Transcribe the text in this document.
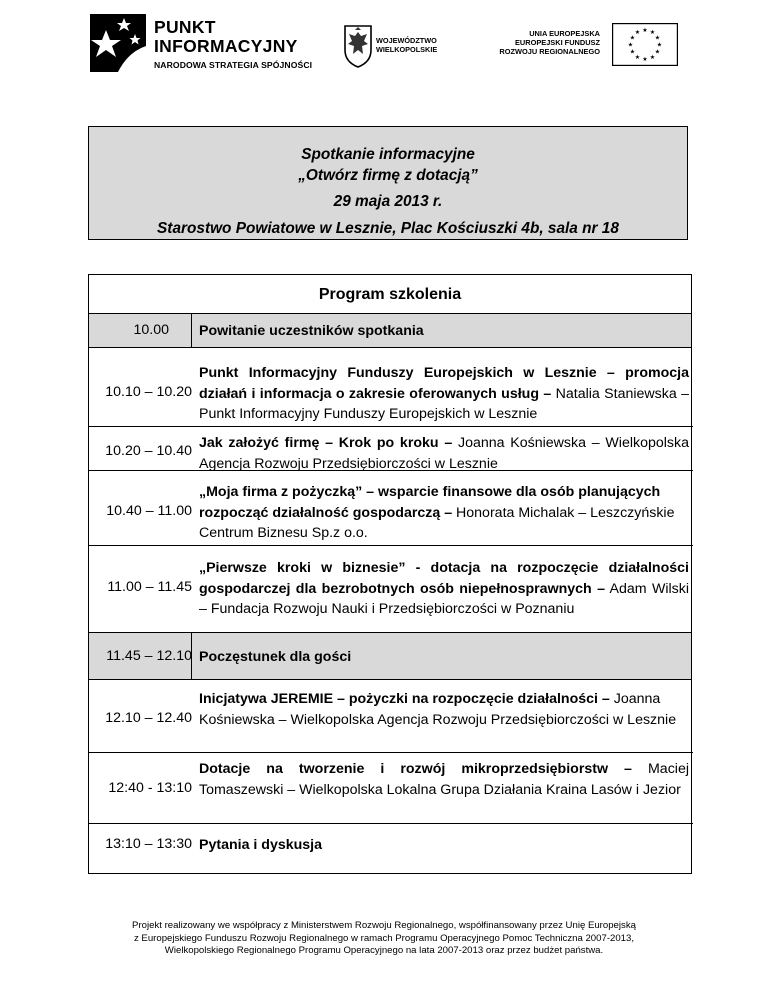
PUNKT
INFORMACYJNY
NARODOWA STRATEGIA SPÓJNOŚCI
WOJEWÓDZTWO
WIELKOPOLSKIE
UNIA EUROPEJSKA
EUROPEJSKI FUNDUSZ
ROZWOJU REGIONALNEGO
★ ★
★
★
★
★
★
★
★
★
★
★
Spotkanie informacyjne
„Otwórz firmę z dotacją”
29 maja 2013 r.
Starostwo Powiatowe w Lesznie, Plac Kościuszki 4b, sala nr 18
Program szkolenia
10.00 Powitanie uczestników spotkania
10.10 – 10.20
Punkt Informacyjny Funduszy Europejskich w Lesznie – promocja działań i informacja o zakresie oferowanych usług – Natalia Staniewska – Punkt Informacyjny Funduszy Europejskich w Lesznie
10.20 – 10.40 Jak założyć firmę – Krok po kroku – Joanna Kośniewska – Wielkopolska Agencja Rozwoju Przedsiębiorczości w Lesznie
10.40 – 11.00
„Moja firma z pożyczką” – wsparcie finansowe dla osób planujących rozpocząć działalność gospodarczą – Honorata Michalak – Leszczyńskie Centrum Biznesu Sp.z o.o.
11.00 – 11.45
„Pierwsze kroki w biznesie” - dotacja na rozpoczęcie działalności gospodarczej dla bezrobotnych osób niepełnosprawnych – Adam Wilski – Fundacja Rozwoju Nauki i Przedsiębiorczości w Poznaniu
11.45 – 12.10 Poczęstunek dla gości
12.10 – 12.40
Inicjatywa JEREMIE – pożyczki na rozpoczęcie działalności – Joanna Kośniewska – Wielkopolska Agencja Rozwoju Przedsiębiorczości w Lesznie
12:40 - 13:10
Dotacje na tworzenie i rozwój mikroprzedsiębiorstw – Maciej Tomaszewski – Wielkopolska Lokalna Grupa Działania Kraina Lasów i Jezior
13:10 – 13:30 Pytania i dyskusja
Projekt realizowany we współpracy z Ministerstwem Rozwoju Regionalnego, współfinansowany przez Unię Europejską
z Europejskiego Funduszu Rozwoju Regionalnego w ramach Programu Operacyjnego Pomoc Techniczna 2007-2013,
Wielkopolskiego Regionalnego Programu Operacyjnego na lata 2007-2013 oraz przez budżet państwa.
